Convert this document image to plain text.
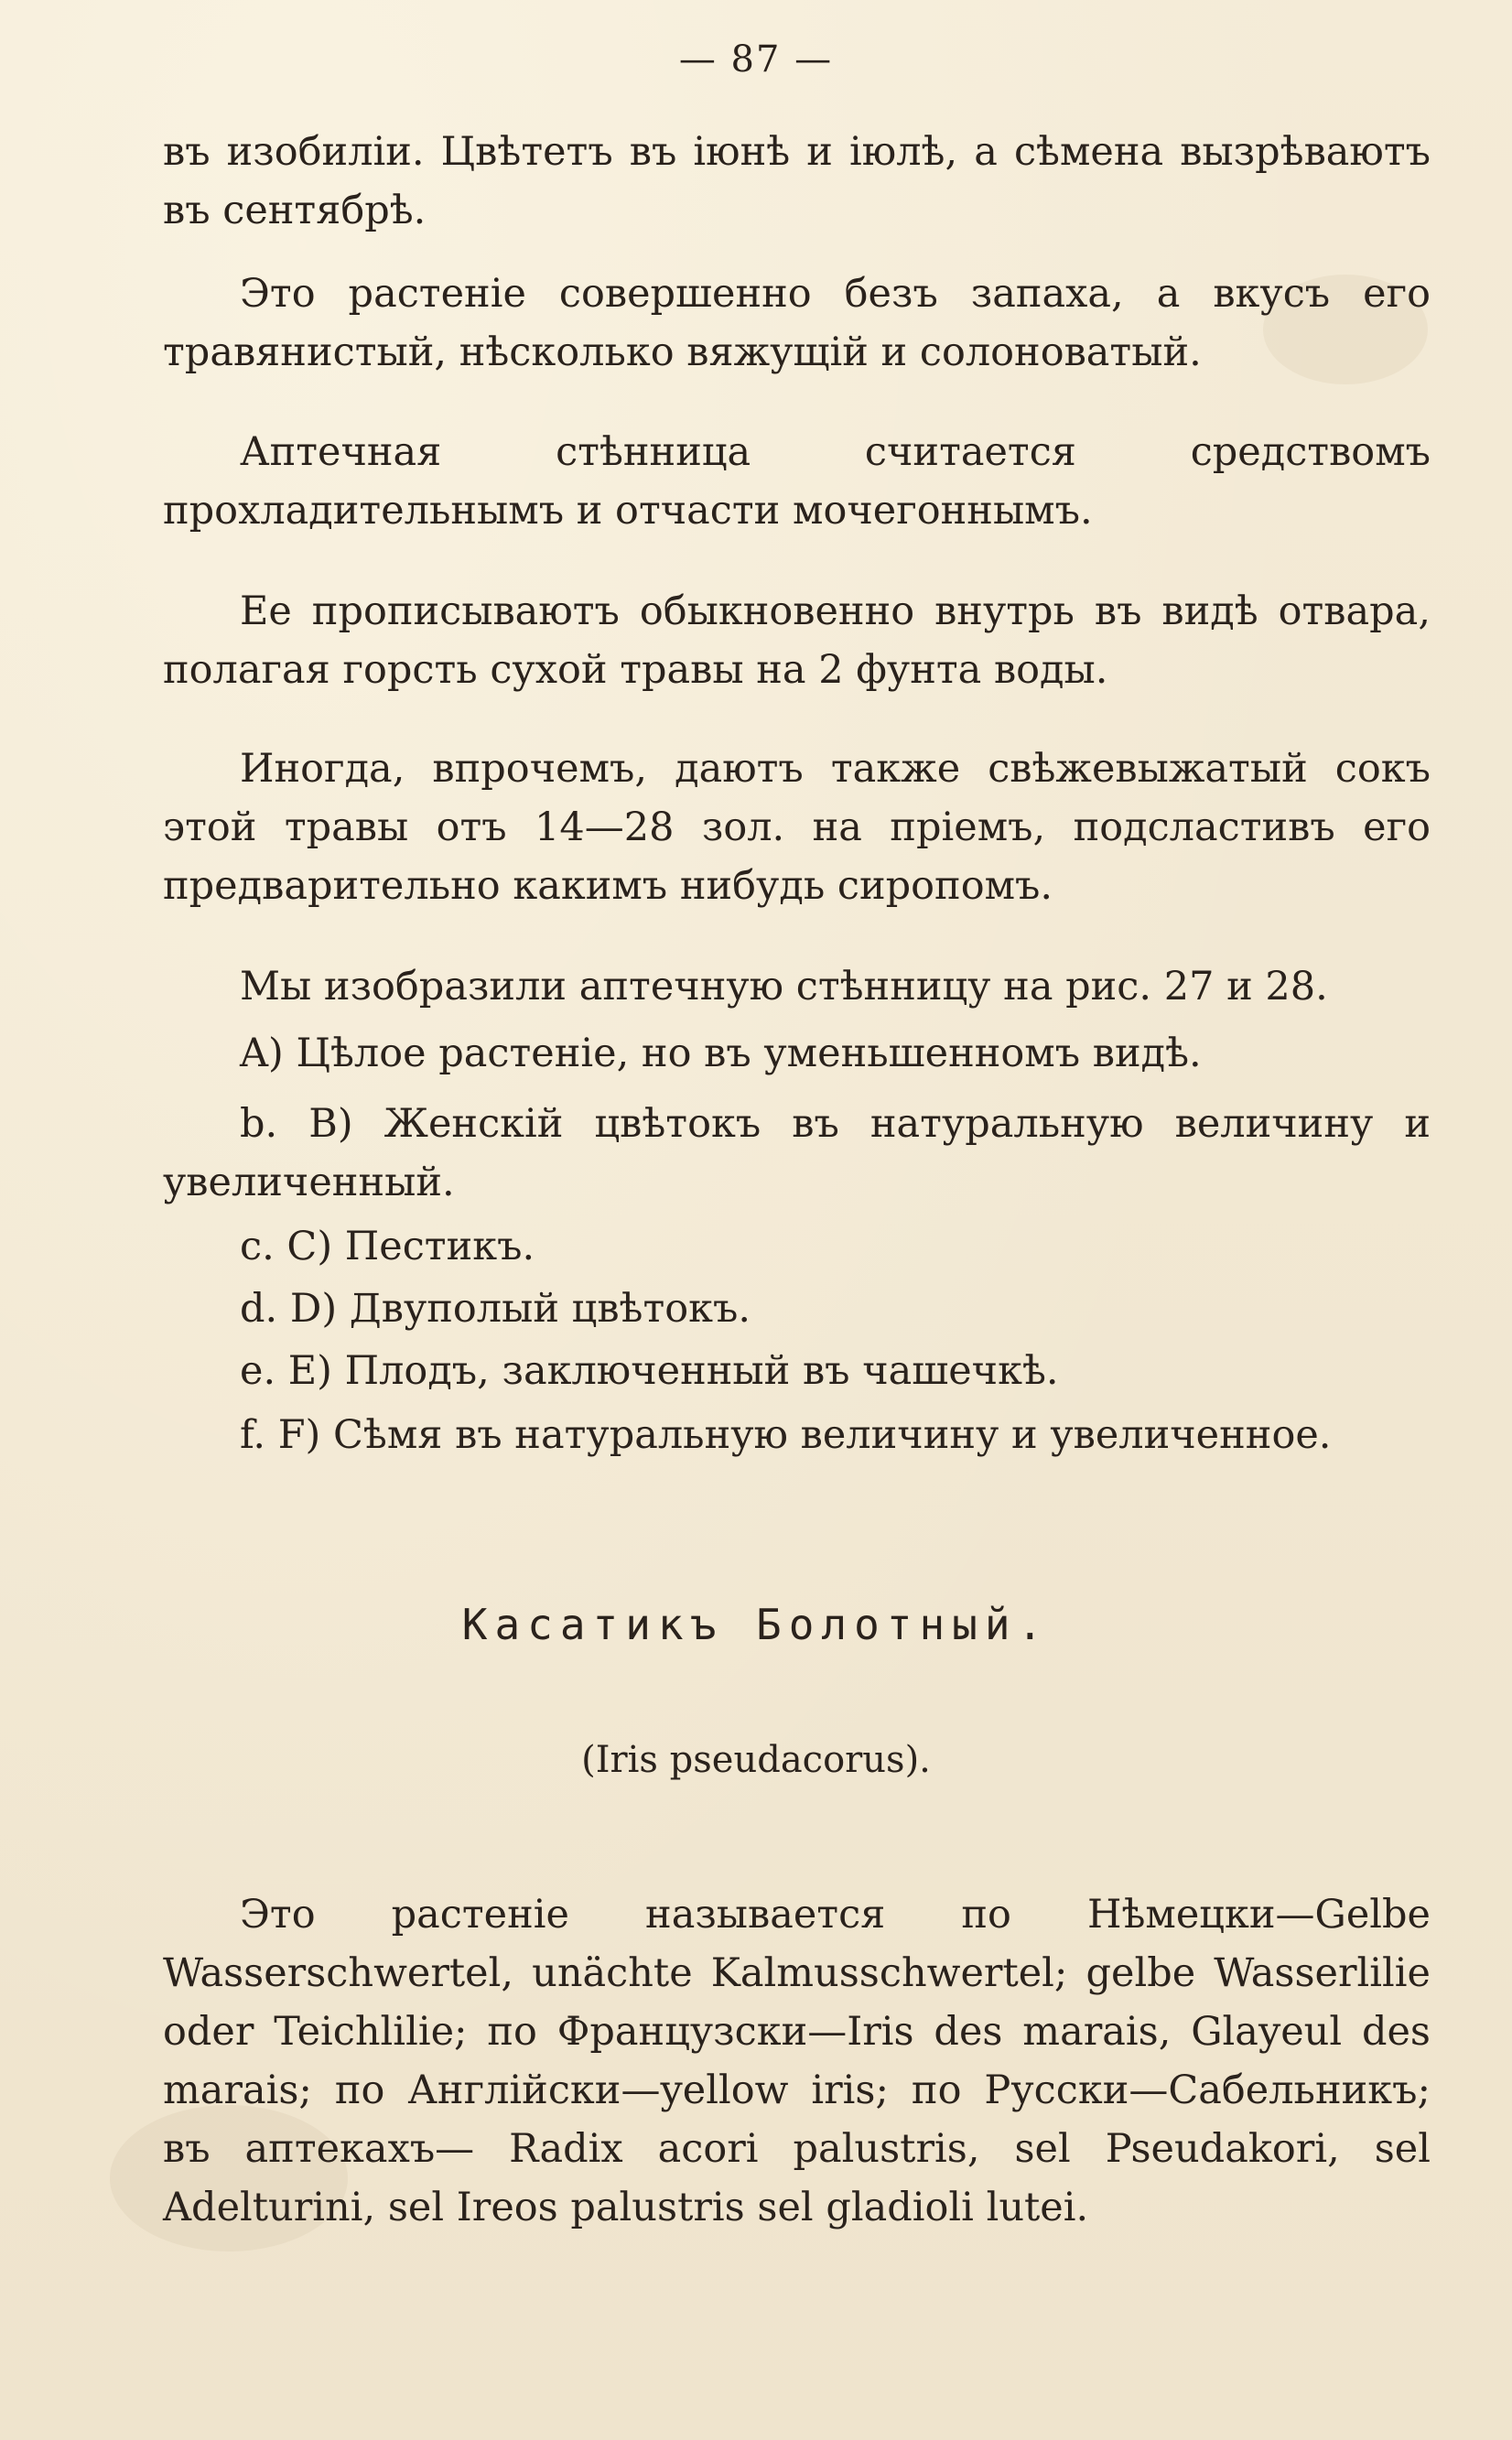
— 87 —

въ изобиліи. Цвѣтетъ въ іюнѣ и іюлѣ, а сѣмена вызрѣваютъ въ сентябрѣ.

Это растеніе совершенно безъ запаха, а вкусъ его травянистый, нѣсколько вяжущій и солоноватый.

Аптечная стѣнница считается средствомъ прохладительнымъ и отчасти мочегоннымъ.

Ее прописываютъ обыкновенно внутрь въ видѣ отвара, полагая горсть сухой травы на 2 фунта воды.

Иногда, впрочемъ, даютъ также свѣжевыжатый сокъ этой травы отъ 14—28 зол. на пріемъ, подсластивъ его предварительно какимъ нибудь сиропомъ.

Мы изобразили аптечную стѣнницу на рис. 27 и 28.

A) Цѣлое растеніе, но въ уменьшенномъ видѣ.

b. B) Женскій цвѣтокъ въ натуральную величину и увеличенный.

c. C) Пестикъ.

d. D) Двуполый цвѣтокъ.

e. E) Плодъ, заключенный въ чашечкѣ.

f. F) Сѣмя въ натуральную величину и увеличенное.

Касатикъ Болотный.
(Iris pseudacorus).

Это растеніе называется по Нѣмецки—Gelbe Wasserschwertel, unächte Kalmusschwertel; gelbe Wasserlilie oder Teichlilie; по Французски—Iris des marais, Glayeul des marais; по Англійски—yellow iris; по Русски—Сабельникъ; въ аптекахъ— Radix acori palustris, sel Pseudakori, sel Adelturini, sel Ireos palustris sel gladioli lutei.
